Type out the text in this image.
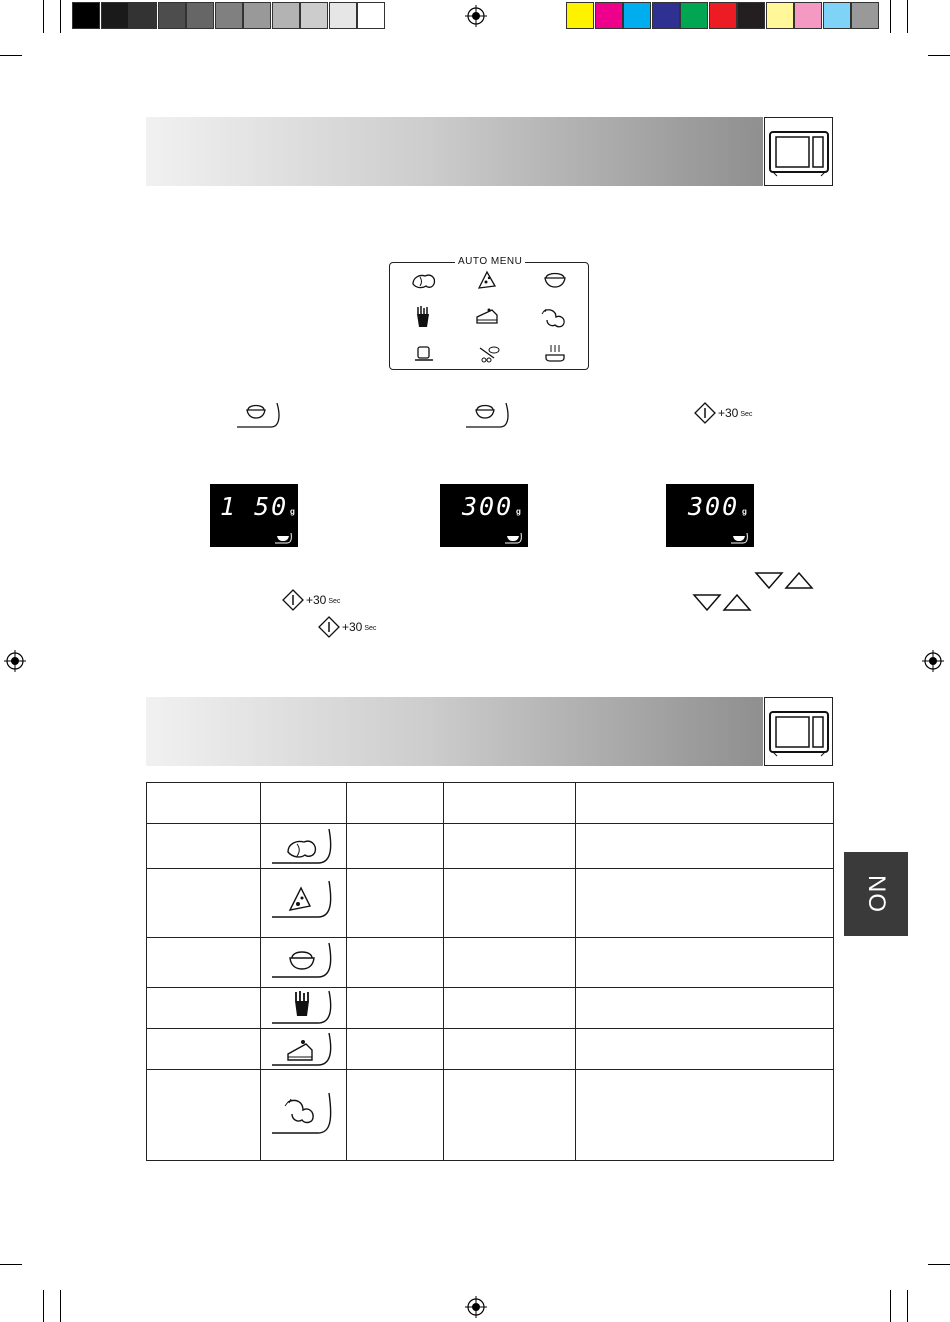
AUTO MENU
+30 Sec
1 50 g	300 g	300 g
+30 Sec
+30 Sec
NO
